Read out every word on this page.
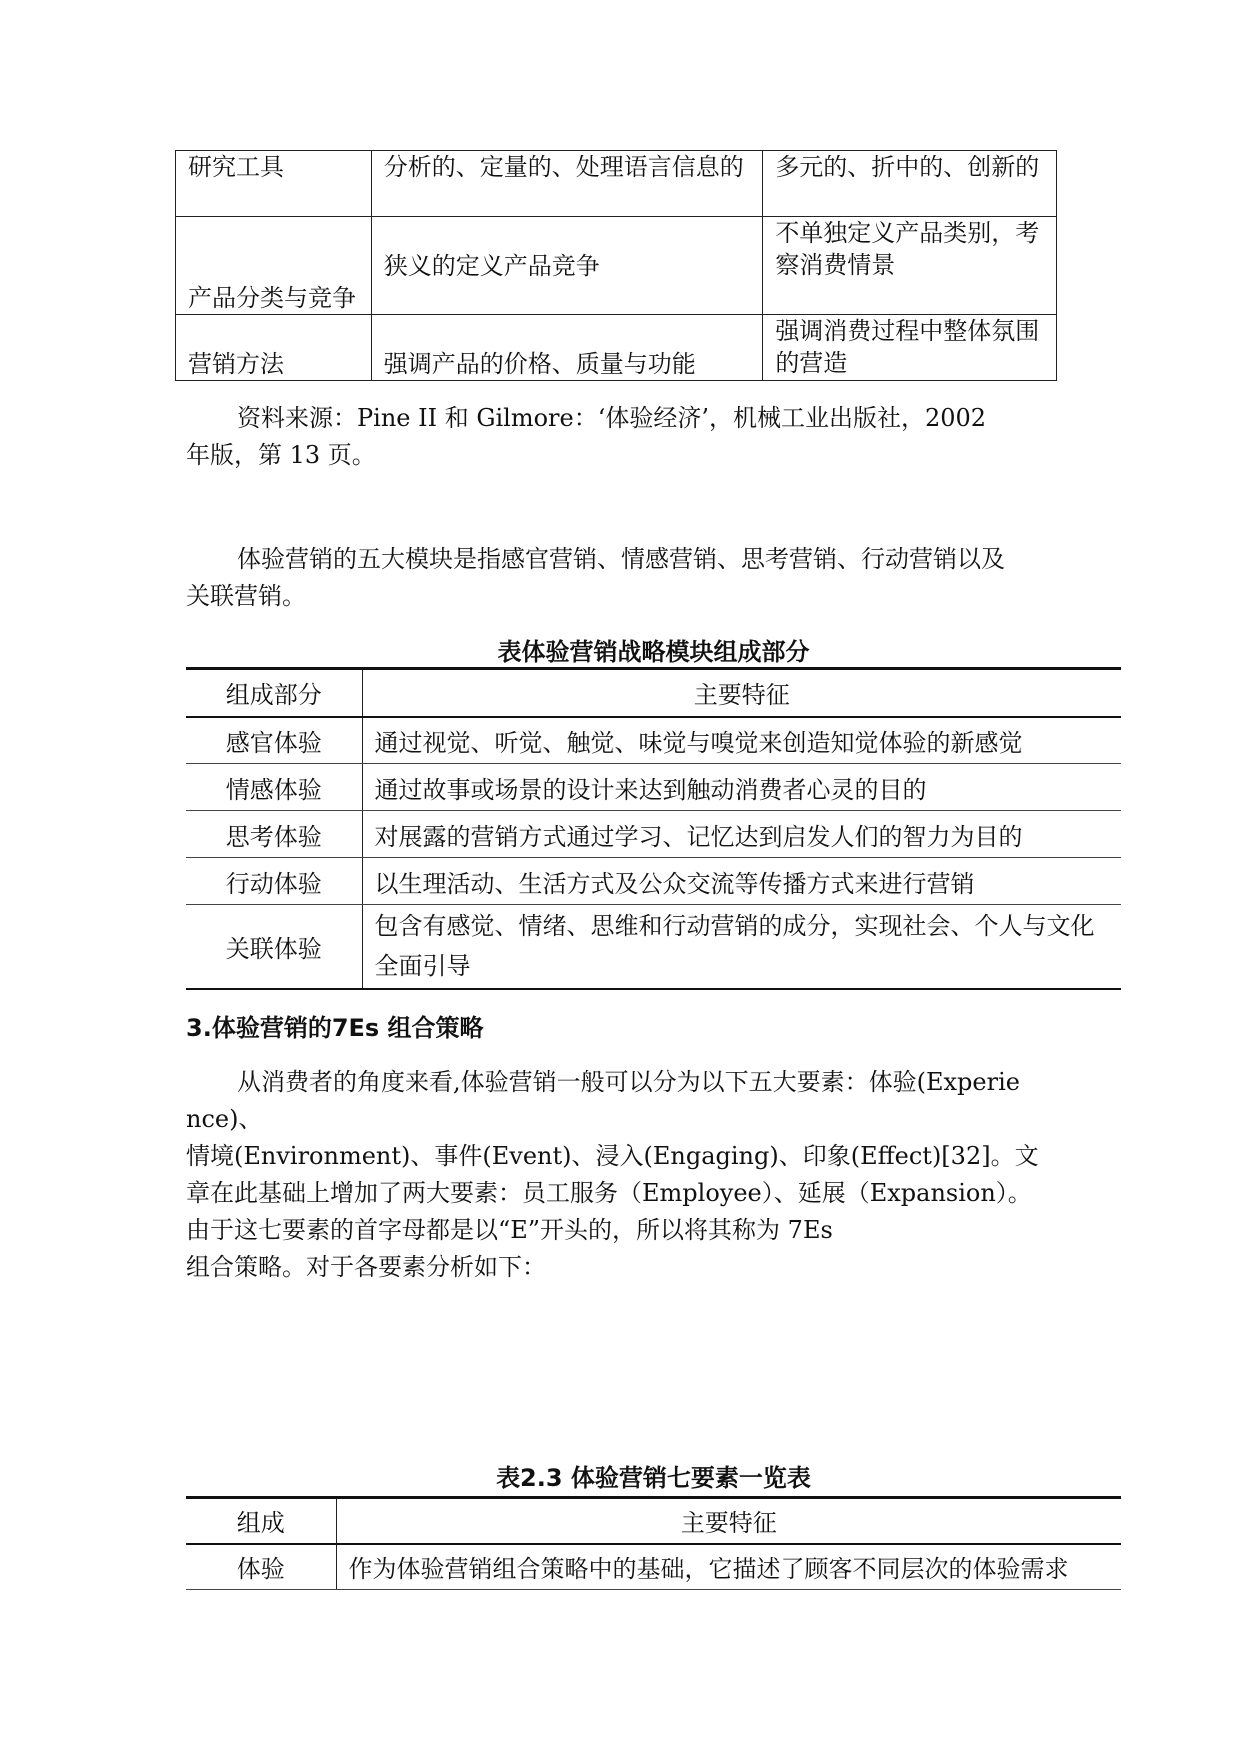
研究工具	分析的、定量的、处理语言信息的	多元的、折中的、创新的
产品分类与竞争	狭义的定义产品竞争	不单独定义产品类别，考察消费情景
营销方法	强调产品的价格、质量与功能	强调消费过程中整体氛围的营造
资料来源：Pine II 和 Gilmore：‘体验经济’，机械工业出版社，2002
年版，第 13 页。
体验营销的五大模块是指感官营销、情感营销、思考营销、行动营销以及
关联营销。
表体验营销战略模块组成部分
组成部分	主要特征
感官体验	通过视觉、听觉、触觉、味觉与嗅觉来创造知觉体验的新感觉
情感体验	通过故事或场景的设计来达到触动消费者心灵的目的
思考体验	对展露的营销方式通过学习、记忆达到启发人们的智力为目的
行动体验	以生理活动、生活方式及公众交流等传播方式来进行营销
关联体验	包含有感觉、情绪、思维和行动营销的成分，实现社会、个人与文化全面引导
3.体验营销的7Es 组合策略
从消费者的角度来看,体验营销一般可以分为以下五大要素：体验(Experie
nce)、
情境(Environment)、事件(Event)、浸入(Engaging)、印象(Effect)[32]。文
章在此基础上增加了两大要素：员工服务（Employee）、延展（Expansion）。
由于这七要素的首字母都是以“E”开头的，所以将其称为 7Es
组合策略。对于各要素分析如下：
表2.3 体验营销七要素一览表
组成	主要特征
体验	作为体验营销组合策略中的基础，它描述了顾客不同层次的体验需求
